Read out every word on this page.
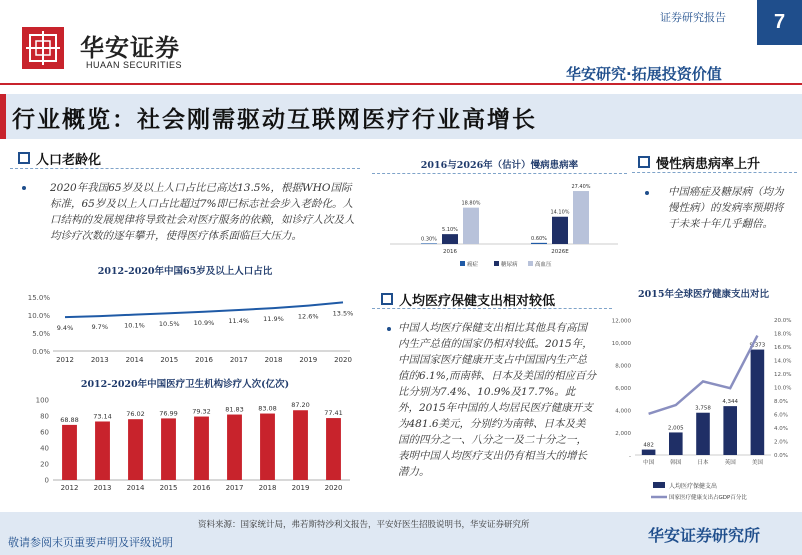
华安证券
HUAAN SECURITIES
证券研究报告	7
华安研究·拓展投资价值
行业概览：社会刚需驱动互联网医疗行业高增长
人口老龄化
2020年我国65岁及以上人口占比已高达13.5%，根据WHO国际标准，65岁及以上人口占比超过7%即已标志社会步入老龄化。人口结构的发展规律将导致社会对医疗服务的依赖，如诊疗人次及人均诊疗次数的逐年攀升，使得医疗体系面临巨大压力。
2012-2020年中国65岁及以上人口占比
15.0%
10.0%
5.0%
0.0%
9.4%
2012
9.7%
2013
10.1%
2014
10.5%
2015
10.9%
2016
11.4%
2017
11.9%
2018
12.6%
2019
13.5%
2020
2012-2020年中国医疗卫生机构诊疗人次(亿次)
100
80
60
40
20
0
68.88
2012
73.14
2013
76.02
2014
76.99
2015
79.32
2016
81.83
2017
83.08
2018
87.20
2019
77.41
2020
2016与2026年（估计）慢病患病率
0.30%
5.10%
18.80%
2016
0.60%
14.10%
27.40%
2026E
癌症	糖尿病	高血压
人均医疗保健支出相对较低
中国人均医疗保健支出相比其他具有高国内生产总值的国家仍相对较低。2015年，中国国家医疗健康开支占中国国内生产总值的6.1%,而南韩、日本及美国的相应百分比分别为7.4%、10.9%及17.7%。此外，2015年中国的人均居民医疗健康开支为481.6美元，分别约为南韩、日本及美国的四分之一、八分之一及二十分之一，表明中国人均医疗支出仍有相当大的增长潜力。
慢性病患病率上升
中国癌症及糖尿病（均为慢性病）的发病率预期将于未来十年几乎翻倍。
2015年全球医疗健康支出对比
12,000
10,000
8,000
6,000
4,000
2,000
-
20.0%
18.0%
16.0%
14.0%
12.0%
10.0%
8.0%
6.0%
4.0%
2.0%
0.0%
482
中国
2,005
韩国
3,758
日本
4,344
英国
9,373
美国
人均医疗保健支出
国家医疗健康支出占GDP百分比
资料来源：国家统计局，弗若斯特沙利文报告，平安好医生招股说明书，华安证券研究所
敬请参阅末页重要声明及评级说明	华安证券研究所
